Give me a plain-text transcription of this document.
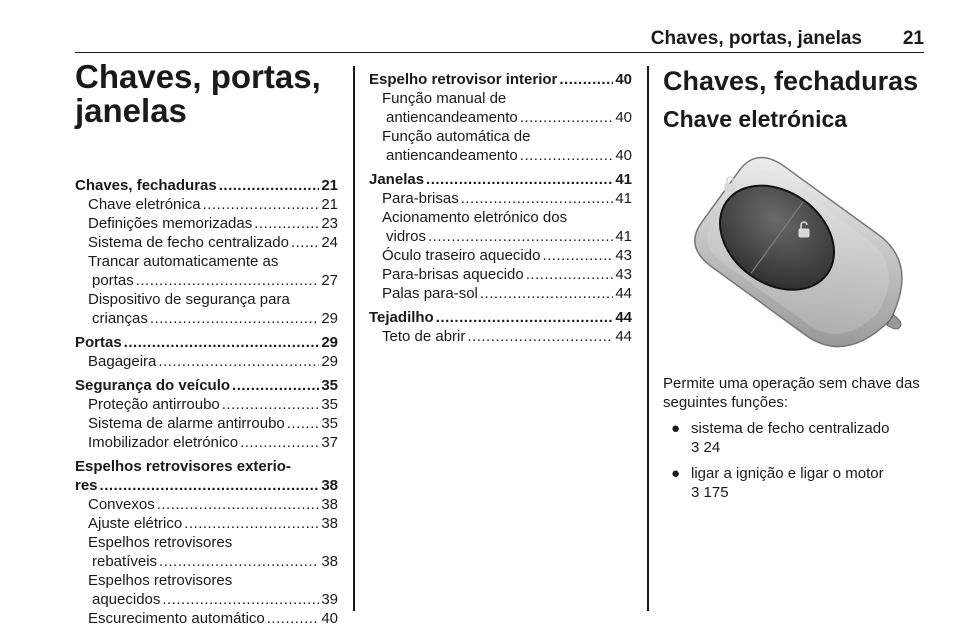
Chaves, portas, janelas 21
Chaves, portas,
janelas
Chaves, fechaduras .....	21
Chave eletrónica .....	21
Definições memorizadas .....	23
Sistema de fecho centralizado ..... 24
Trancar automaticamente as
portas .....	27
Dispositivo de segurança para
crianças .....	29
Portas .....	29
Bagageira .....	29
Segurança do veículo .....	35
Proteção antirroubo .....	35
Sistema de alarme antirroubo ..... 35
Imobilizador eletrónico .....	37
Espelhos retrovisores exterio-
res .....	38
Convexos .....	38
Ajuste elétrico .....	38
Espelhos retrovisores
rebatíveis .....	38
Espelhos retrovisores
aquecidos .....	39
Escurecimento automático .....	40
Espelho retrovisor interior .....	40
Função manual de
antiencandeamento .....	40
Função automática de
antiencandeamento .....	40
Janelas .....	41
Para-brisas .....	41
Acionamento eletrónico dos
vidros .....	41
Óculo traseiro aquecido .....	43
Para-brisas aquecido .....	43
Palas para-sol .....	44
Tejadilho .....	44
Teto de abrir .....	44
Chaves, fechaduras
Chave eletrónica
Permite uma operação sem chave das seguintes funções:
● sistema de fecho centralizado
3 24
● ligar a ignição e ligar o motor
3 175
